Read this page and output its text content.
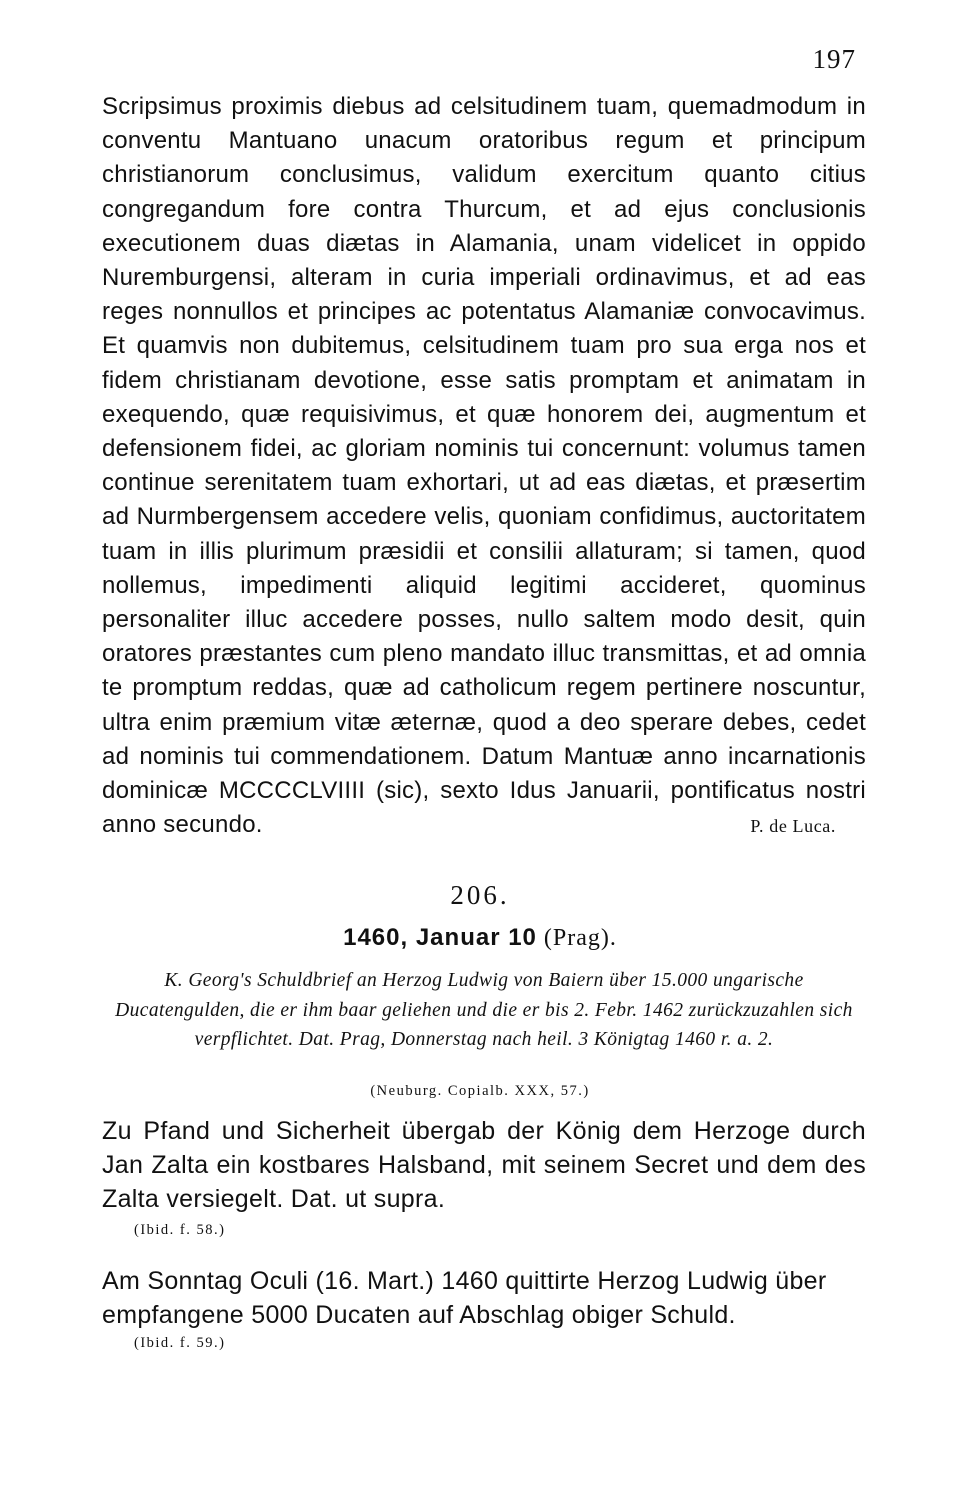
197
Scripsimus proximis diebus ad celsitudinem tuam, quemadmodum in conventu Mantuano unacum oratoribus regum et principum christianorum conclusimus, validum exercitum quanto citius congregandum fore contra Thurcum, et ad ejus conclusionis executionem duas diætas in Alamania, unam videlicet in oppido Nuremburgensi, alteram in curia imperiali ordinavimus, et ad eas reges nonnullos et principes ac potentatus Alamaniæ convocavimus. Et quamvis non dubitemus, celsitudinem tuam pro sua erga nos et fidem christianam devotione, esse satis promptam et animatam in exequendo, quæ requisivimus, et quæ honorem dei, augmentum et defensionem fidei, ac gloriam nominis tui concernunt: volumus tamen continue serenitatem tuam exhortari, ut ad eas diætas, et præsertim ad Nurmbergensem accedere velis, quoniam confidimus, auctoritatem tuam in illis plurimum præsidii et consilii allaturam; si tamen, quod nollemus, impedimenti aliquid legitimi accideret, quominus personaliter illuc accedere posses, nullo saltem modo desit, quin oratores præstantes cum pleno mandato illuc transmittas, et ad omnia te promptum reddas, quæ ad catholicum regem pertinere noscuntur, ultra enim præmium vitæ æternæ, quod a deo sperare debes, cedet ad nominis tui commendationem. Datum Mantuæ anno incarnationis dominicæ MCCCCLVIIII (sic), sexto Idus Januarii, pontificatus nostri anno secundo.	P. de Luca.
206.
1460, Januar 10 (Prag).
K. Georg's Schuldbrief an Herzog Ludwig von Baiern über 15.000 ungarische Ducatengulden, die er ihm baar geliehen und die er bis 2. Febr. 1462 zurückzuzahlen sich verpflichtet. Dat. Prag, Donnerstag nach heil. 3 Königtag 1460 r. a. 2.
(Neuburg. Copialb. XXX, 57.)
Zu Pfand und Sicherheit übergab der König dem Herzoge durch Jan Zalta ein kostbares Halsband, mit seinem Secret und dem des Zalta versiegelt. Dat. ut supra.
(Ibid. f. 58.)
Am Sonntag Oculi (16. Mart.) 1460 quittirte Herzog Ludwig über empfangene 5000 Ducaten auf Abschlag obiger Schuld.
(Ibid. f. 59.)
